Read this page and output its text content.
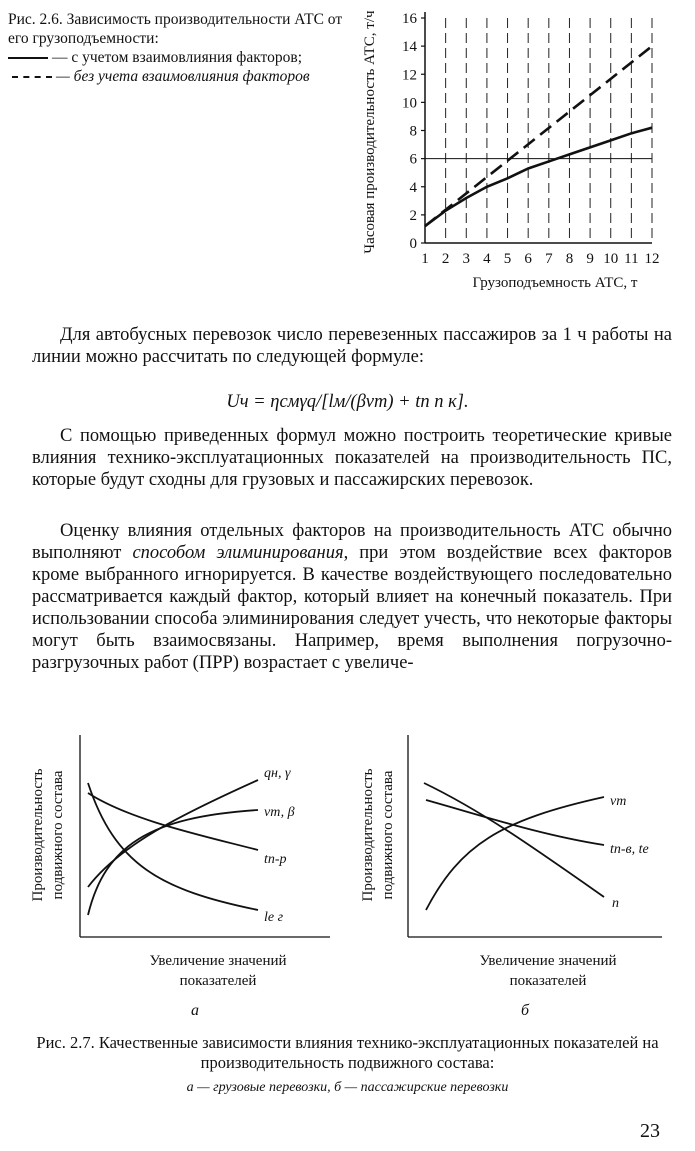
Рис. 2.6. Зависимость производительности АТС от его грузоподъемности:
— с учетом взаимовлияния факторов; — без учета взаимовлияния факторов
1 2 3 4 5 6 7 8 9 10 11 12
0
2
4
6
8
10
12
14
16
Часовая производительность АТС, т/ч
Грузоподъемность АТС, т
Для автобусных перевозок число перевезенных пассажиров за 1 ч работы на линии можно рассчитать по следующей формуле:
Uч = ηсмγq/[lм/(βvт) + tп п к].
С помощью приведенных формул можно построить теоретические кривые влияния технико-эксплуатационных показателей на производительность ПС, которые будут сходны для грузовых и пассажирских перевозок.
Оценку влияния отдельных факторов на производительность АТС обычно выполняют способом элиминирования, при этом воздействие всех факторов кроме выбранного игнорируется. В качестве воздействующего последовательно рассматривается каждый фактор, который влияет на конечный показатель. При использовании способа элиминирования следует учесть, что некоторые факторы могут быть взаимосвязаны. Например, время выполнения погрузочно-разгрузочных работ (ПРР) возрастает с увеличе-
Производительность подвижного состава	qн, γ
vт, β
tп-р
lе г
Увеличение значений
показателей
а
Производительность подвижного состава	vт
tп-в, tе
n
Увеличение значений
показателей
б
Рис. 2.7. Качественные зависимости влияния технико-эксплуатационных показателей на производительность подвижного состава:
а — грузовые перевозки, б — пассажирские перевозки
23
